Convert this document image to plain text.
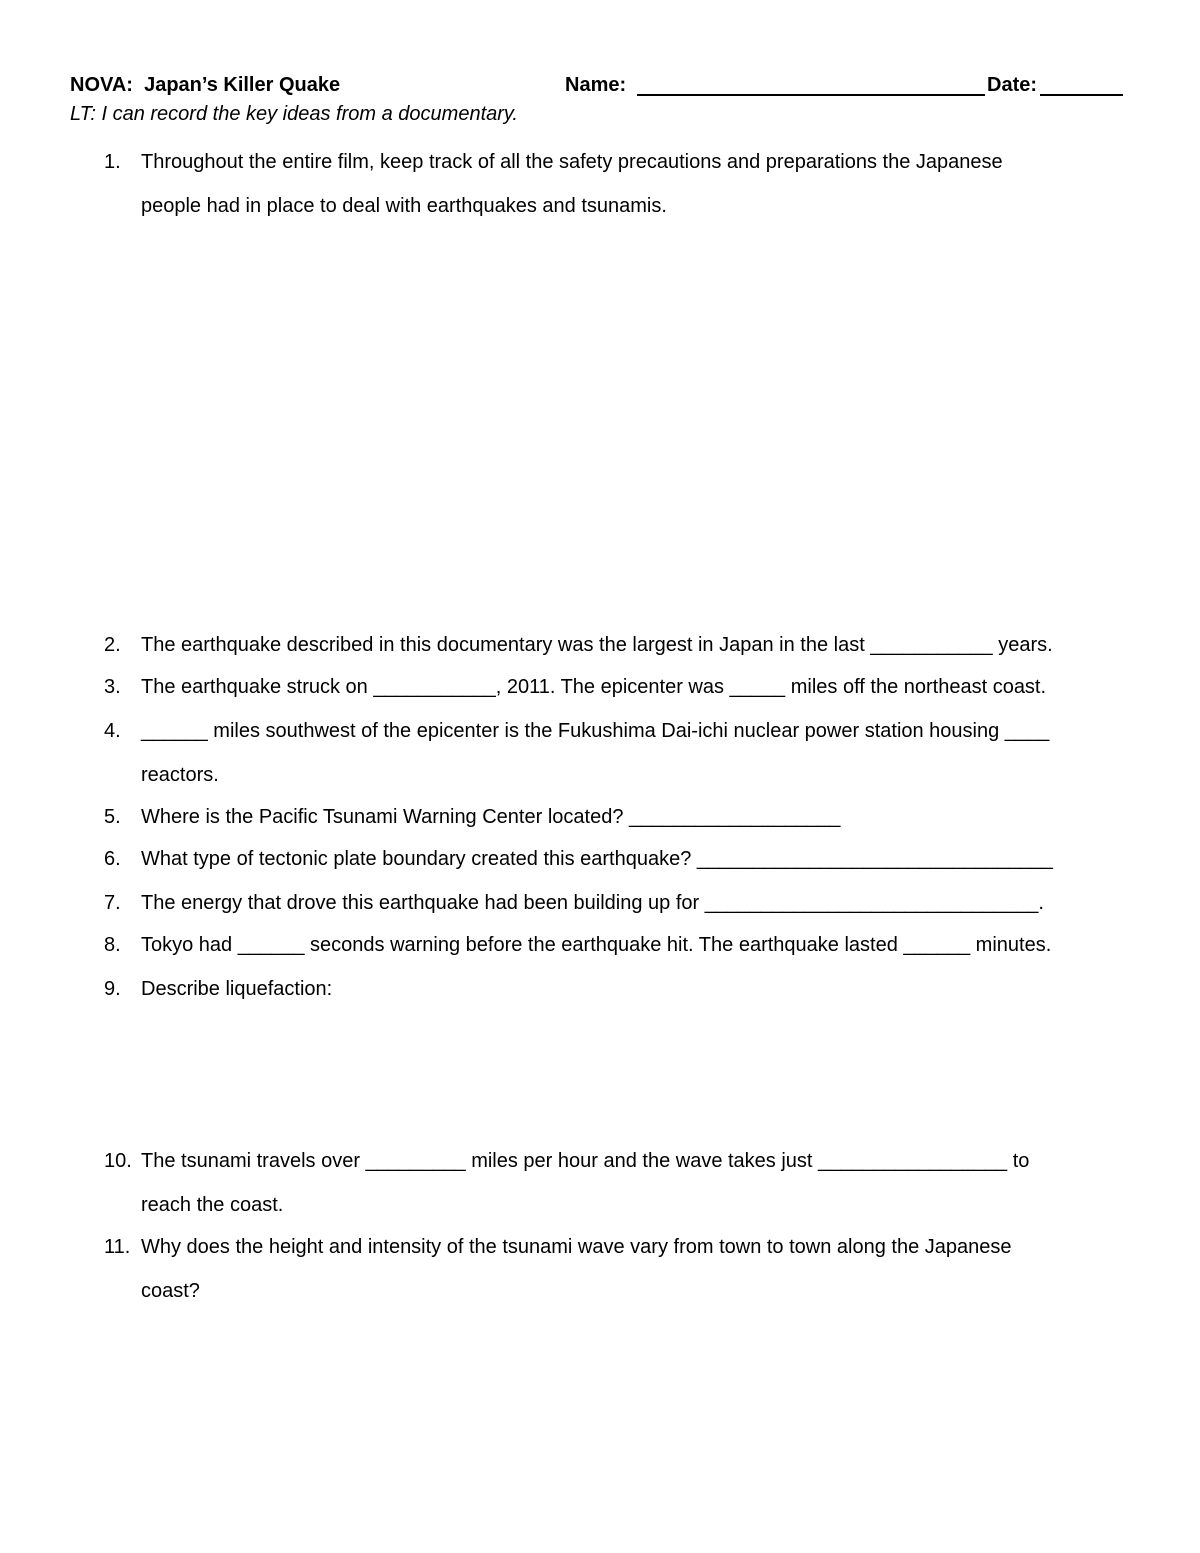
NOVA:  Japan’s Killer Quake	Name:	Date:
LT: I can record the key ideas from a documentary.
1.	Throughout the entire film, keep track of all the safety precautions and preparations the Japanese
people had in place to deal with earthquakes and tsunamis.
2.	The earthquake described in this documentary was the largest in Japan in the last ___________ years.
3.	The earthquake struck on ___________, 2011. The epicenter was _____ miles off the northeast coast.
4.	______ miles southwest of the epicenter is the Fukushima Dai-ichi nuclear power station housing ____
reactors.
5.	Where is the Pacific Tsunami Warning Center located? ___________________
6.	What type of tectonic plate boundary created this earthquake? ________________________________
7.	The energy that drove this earthquake had been building up for ______________________________.
8.	Tokyo had ______ seconds warning before the earthquake hit. The earthquake lasted ______ minutes.
9.	Describe liquefaction:
10. The tsunami travels over _________ miles per hour and the wave takes just _________________ to
reach the coast.
11. Why does the height and intensity of the tsunami wave vary from town to town along the Japanese
coast?
